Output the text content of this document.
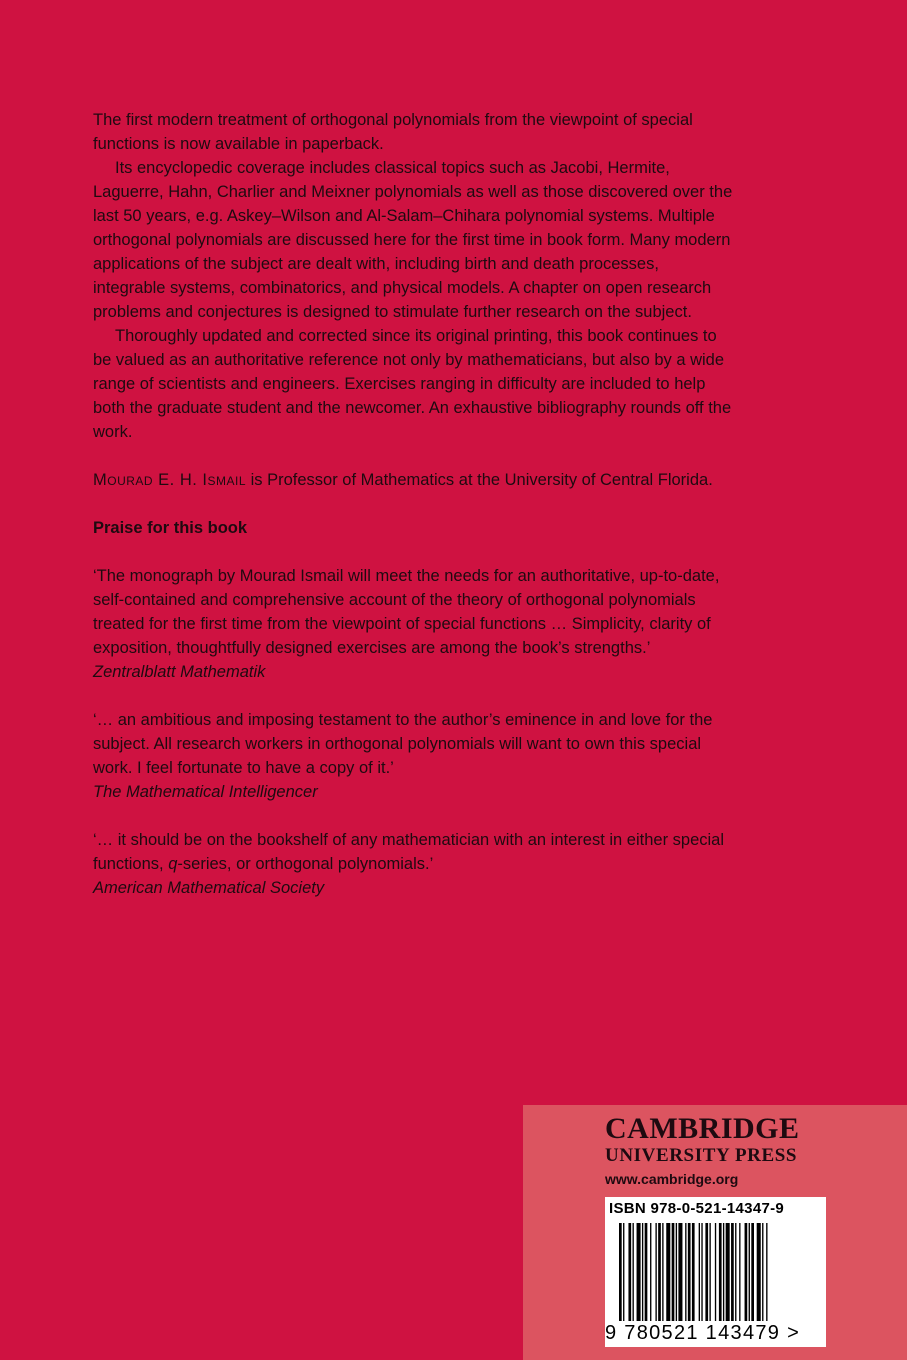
The first modern treatment of orthogonal polynomials from the viewpoint of special functions is now available in paperback.

Its encyclopedic coverage includes classical topics such as Jacobi, Hermite, Laguerre, Hahn, Charlier and Meixner polynomials as well as those discovered over the last 50 years, e.g. Askey–Wilson and Al-Salam–Chihara polynomial systems. Multiple orthogonal polynomials are discussed here for the first time in book form. Many modern applications of the subject are dealt with, including birth and death processes, integrable systems, combinatorics, and physical models. A chapter on open research problems and conjectures is designed to stimulate further research on the subject.

Thoroughly updated and corrected since its original printing, this book continues to be valued as an authoritative reference not only by mathematicians, but also by a wide range of scientists and engineers. Exercises ranging in difficulty are included to help both the graduate student and the newcomer. An exhaustive bibliography rounds off the work.

Mourad E. H. Ismail is Professor of Mathematics at the University of Central Florida.

Praise for this book

‘The monograph by Mourad Ismail will meet the needs for an authoritative, up-to-date, self-contained and comprehensive account of the theory of orthogonal polynomials treated for the first time from the viewpoint of special functions … Simplicity, clarity of exposition, thoughtfully designed exercises are among the book’s strengths.’

Zentralblatt Mathematik

‘… an ambitious and imposing testament to the author’s eminence in and love for the subject. All research workers in orthogonal polynomials will want to own this special work. I feel fortunate to have a copy of it.’

The Mathematical Intelligencer

‘… it should be on the bookshelf of any mathematician with an interest in either special functions, q-series, or orthogonal polynomials.’

American Mathematical Society

CAMBRIDGE
UNIVERSITY PRESS
www.cambridge.org
ISBN 978-0-521-14347-9
9 780521 143479 >
